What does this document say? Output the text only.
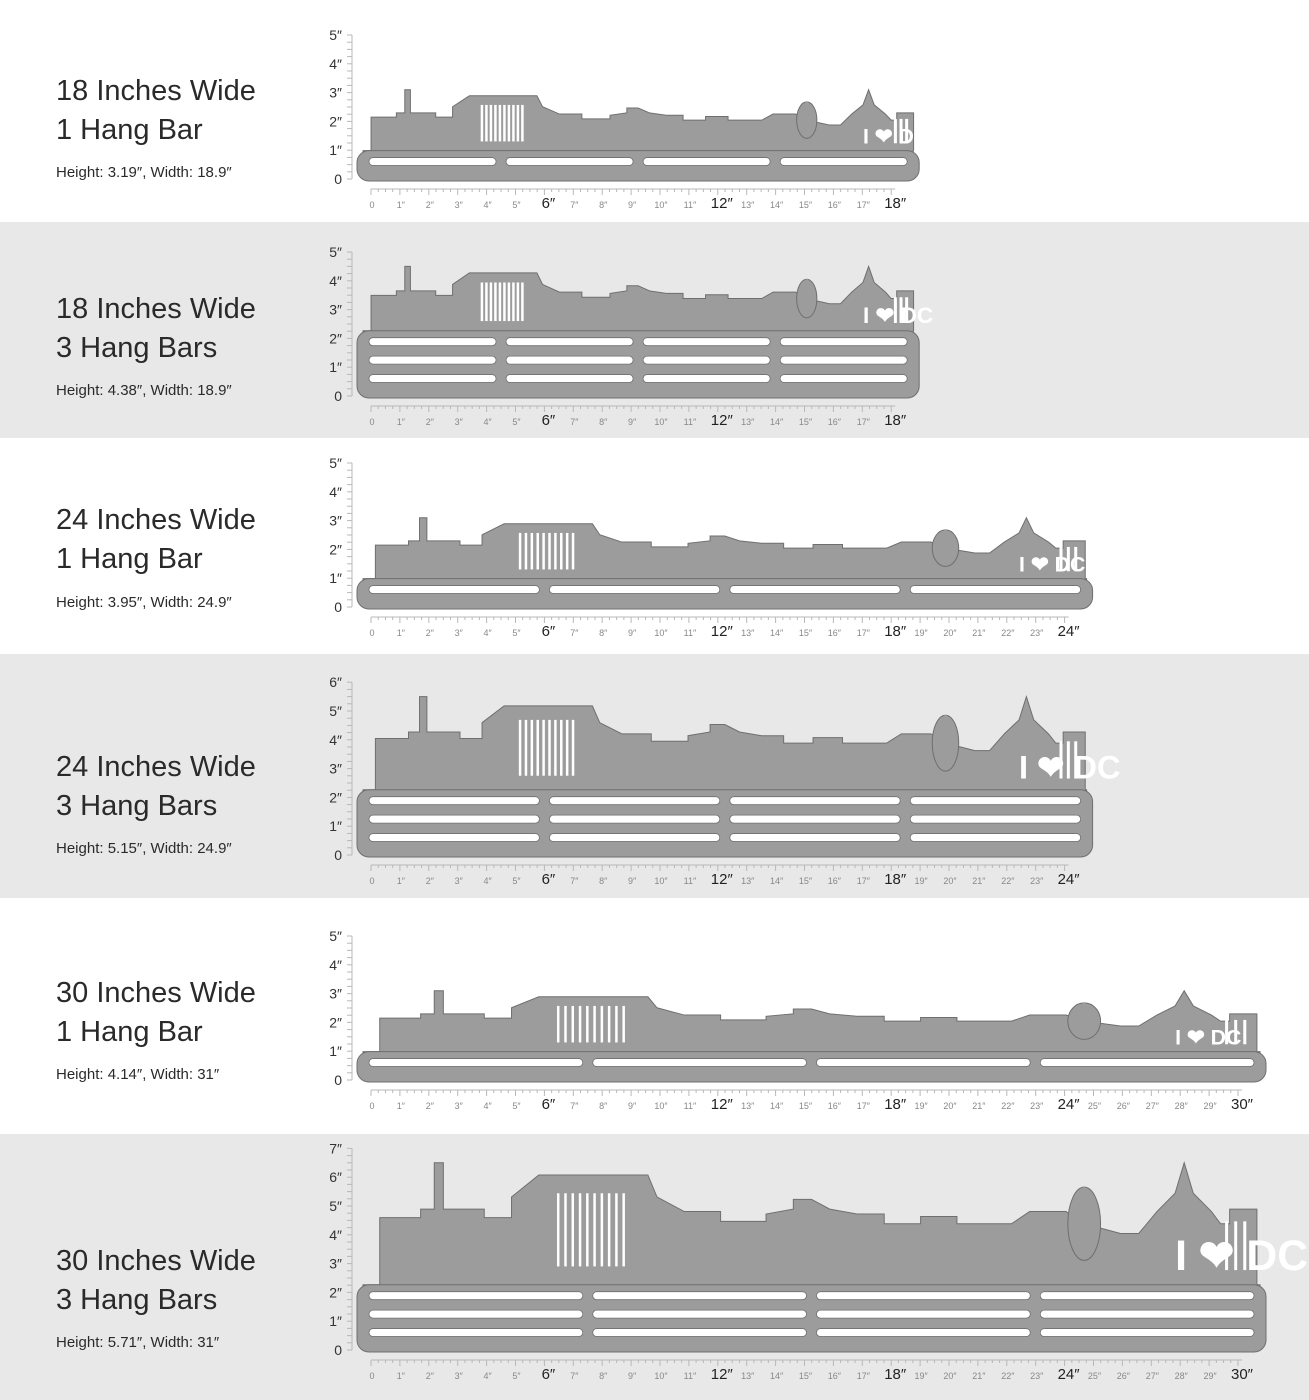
18 Inches Wide
1 Hang Bar
Height: 3.19″, Width: 18.9″
18 Inches Wide
3 Hang Bars
Height: 4.38″, Width: 18.9″
24 Inches Wide
1 Hang Bar
Height: 3.95″, Width: 24.9″
24 Inches Wide
3 Hang Bars
Height: 5.15″, Width: 24.9″
30 Inches Wide
1 Hang Bar
Height: 4.14″, Width: 31″
30 Inches Wide
3 Hang Bars
Height: 5.71″, Width: 31″
0
1″
2″
3″
4″
5″
0 1″ 2″ 3″ 4″ 5″ 6″ 7″ 8″ 9″ 10″ 11″ 12″ 13″ 14″ 15″ 16″ 17″ 18″
I ❤ DC
0
1″
2″
3″
4″
5″
0 1″ 2″ 3″ 4″ 5″ 6″ 7″ 8″ 9″ 10″ 11″ 12″ 13″ 14″ 15″ 16″ 17″ 18″
I ❤ DC
0
1″
2″
3″
4″
5″
0 1″ 2″ 3″ 4″ 5″ 6″ 7″ 8″ 9″ 10″ 11″ 12″ 13″ 14″ 15″ 16″ 17″ 18″ 19″ 20″ 21″ 22″ 23″ 24″
I ❤ DC
0
1″
2″
3″
4″
5″
6″
0 1″ 2″ 3″ 4″ 5″ 6″ 7″ 8″ 9″ 10″ 11″ 12″ 13″ 14″ 15″ 16″ 17″ 18″ 19″ 20″ 21″ 22″ 23″ 24″
I ❤ DC
0
1″
2″
3″
4″
5″
0 1″ 2″ 3″ 4″ 5″ 6″ 7″ 8″ 9″ 10″ 11″ 12″ 13″ 14″ 15″ 16″ 17″ 18″ 19″ 20″ 21″ 22″ 23″ 24″ 25″ 26″ 27″ 28″ 29″ 30″
I ❤ DC
0
1″
2″
3″
4″
5″
6″
7″
0 1″ 2″ 3″ 4″ 5″ 6″ 7″ 8″ 9″ 10″ 11″ 12″ 13″ 14″ 15″ 16″ 17″ 18″ 19″ 20″ 21″ 22″ 23″ 24″ 25″ 26″ 27″ 28″ 29″ 30″
I ❤ DC
